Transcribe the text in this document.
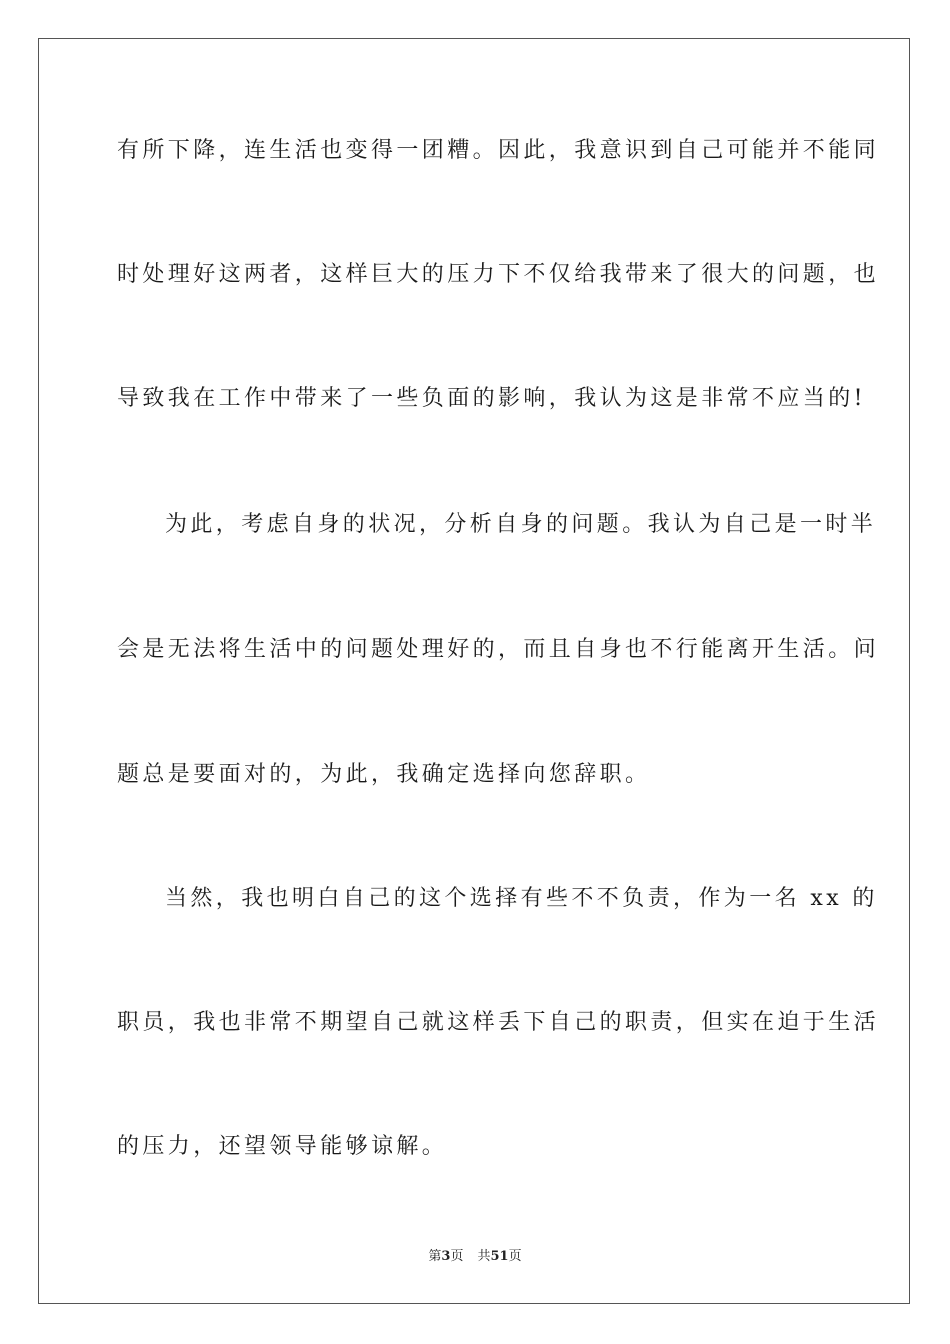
有所下降，连生活也变得一团糟。因此，我意识到自己可能并不能同
时处理好这两者，这样巨大的压力下不仅给我带来了很大的问题，也
导致我在工作中带来了一些负面的影响，我认为这是非常不应当的!
为此，考虑自身的状况，分析自身的问题。我认为自己是一时半
会是无法将生活中的问题处理好的，而且自身也不行能离开生活。问
题总是要面对的，为此，我确定选择向您辞职。
当然，我也明白自己的这个选择有些不不负责，作为一名 xx 的
职员，我也非常不期望自己就这样丢下自己的职责，但实在迫于生活
的压力，还望领导能够谅解。
第3页 共51页
